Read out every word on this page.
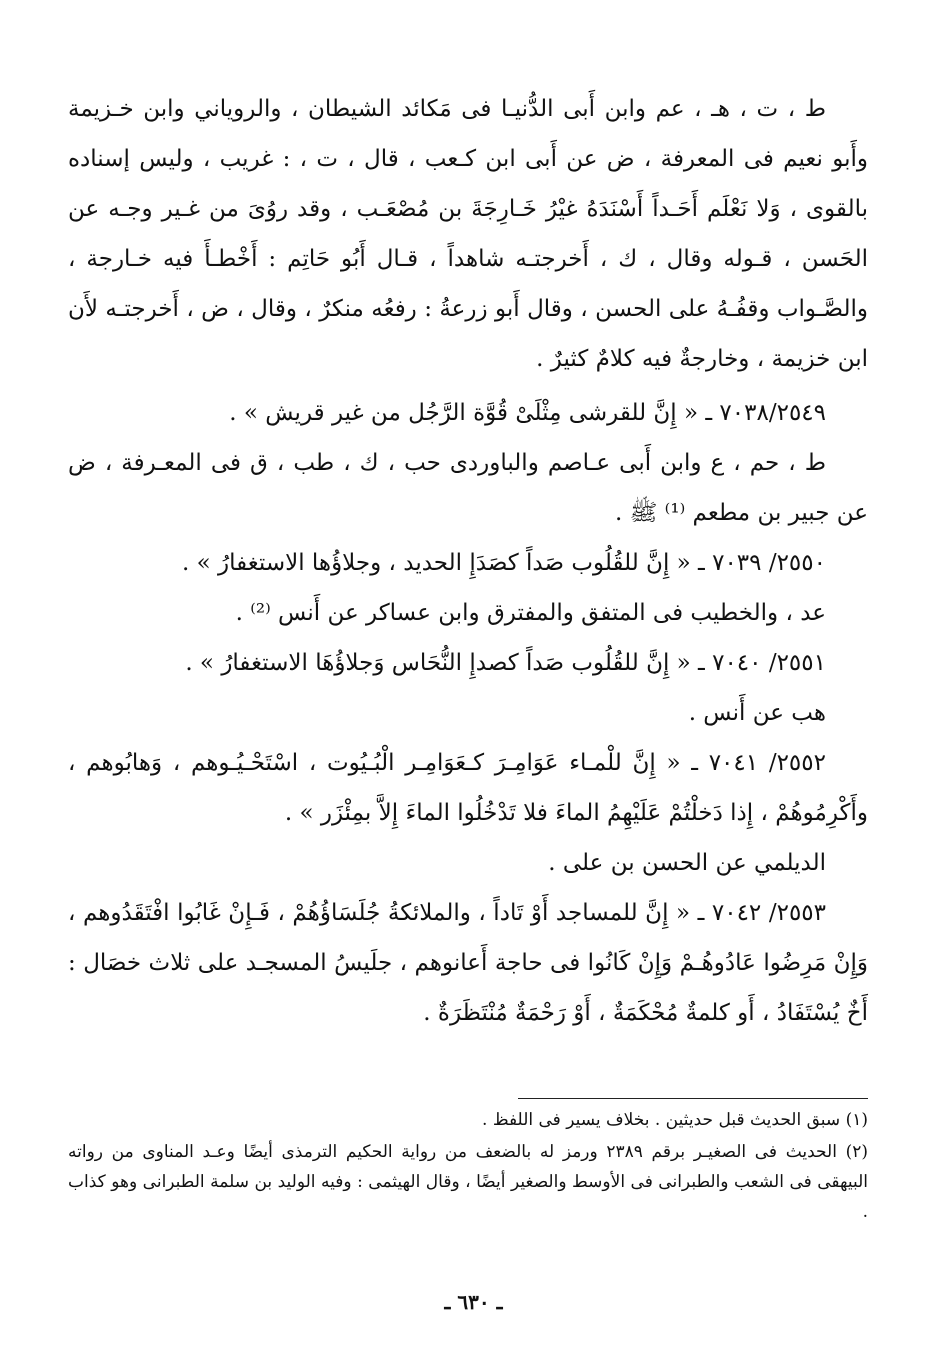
ط ، ت ، هـ ، عم وابن أَبى الدُّنيـا فى مَكائد الشيطان ، والروياني وابن خـزيمة وأَبو نعيم فى المعرفة ، ض عن أَبى ابن كـعب ، قال ، ت ، : غريب ، وليس إسناده بالقوى ، وَلا نَعْلَم أَحَـداً أَسْنَدَهُ غيْرُ خَـارِجَةَ بن مُصْعَـب ، وقد روُىَ من غـير وجـه عن الحَسن ، قـوله وقال ، ك ، أَخرجتـه شاهداً ، قـال أَبُو حَاتِم : أَخْطـأَ فيه خـارجة ، والصَّـواب وقفُـهُ على الحسن ، وقال أَبو زرعةُ : رفعُه منكرٌ ، وقال ، ض ، أَخرجتـه لأَن ابن خزيمة ، وخارجةٌ فيه كلامٌ كثيرٌ .

٧٠٣٨/٢٥٤٩ ـ « إِنَّ للقرشى مِثْلَىْ قُوَّة الرَّجُل من غير قريش » .

ط ، حم ، ع وابن أَبى عـاصم والباوردى حب ، ك ، طب ، ق فى المعـرفة ، ض عن جبير بن مطعم ⁽¹⁾ ﷺ .

٢٥٥٠/ ٧٠٣٩ ـ « إِنَّ للقُلُوب صَداً كصَدَإِ الحديد ، وجلاؤُها الاستغفارُ » .

عد ، والخطيب فى المتفق والمفترق وابن عساكر عن أَنس ⁽²⁾ .

٢٥٥١/ ٧٠٤٠ ـ « إِنَّ للقُلُوب صَداً كصدإِ النُّحَاس وَجلاؤُهَا الاستغفارُ » .

هب عن أَنس .

٢٥٥٢/ ٧٠٤١ ـ « إِنَّ للْمـاء عَوَامِـرَ كـعَوَامِـر الْبُـيُوت ، اسْتَحْـيُـوهم ، وَهابُوهم ، وأَكْرِمُوهُمْ ، إِذا دَخلْتُمْ عَلَيْهِمُ الماءَ فلا تَدْخُلُوا الماءَ إِلاَّ بمِئْزَر » .

الديلمي عن الحسن بن على .

٢٥٥٣/ ٧٠٤٢ ـ « إِنَّ للمساجد أَوْ تَاداً ، والملائكةُ جُلَسَاؤُهُمْ ، فَـإِنْ غَابُوا افْتَقَدُوهم ، وَإِنْ مَرِضُوا عَادُوهُـمْ وَإِنْ كَانُوا فى حاجة أَعانوهم ، جلَيسُ المسجـد على ثلاث خصَال : أَخٌ يُسْتَفَادُ ، أَو كلمةٌ مُحْكَمَةٌ ، أَوْ رَحْمَةٌ مُنْتَظَرَةٌ .

(١) سبق الحديث قبل حديثين . بخلاف يسير فى اللفظ .

(٢) الحديث فى الصغيـر برقم ٢٣٨٩ ورمز له بالضعف من رواية الحكيم الترمذى أيضًا وعـد المناوى من رواته البيهقى فى الشعب والطبرانى فى الأوسط والصغير أيضًا ، وقال الهيثمى : وفيه الوليد بن سلمة الطبرانى وهو كذاب .

ـ ٦٣٠ ـ
